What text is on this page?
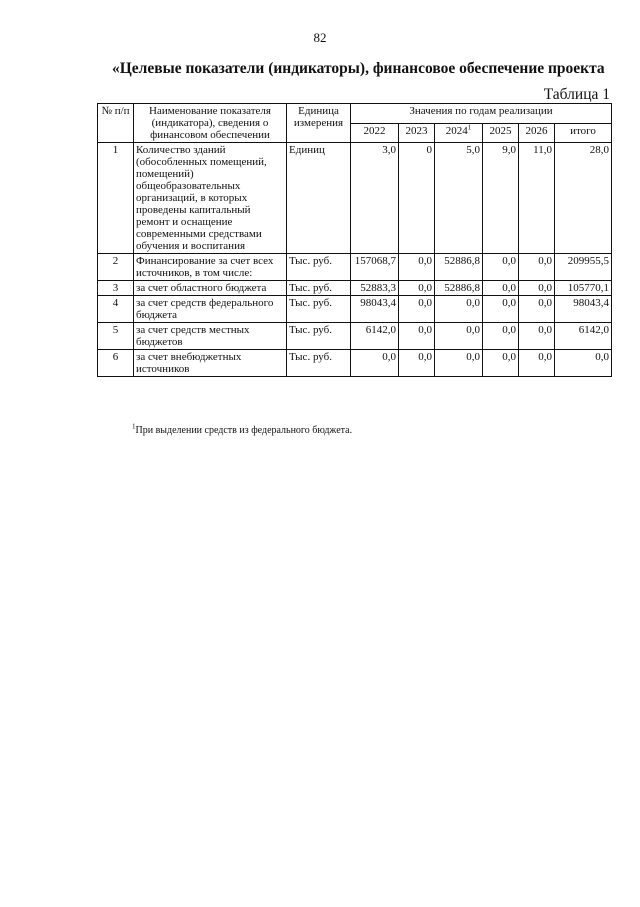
82
«Целевые показатели (индикаторы), финансовое обеспечение проекта
Таблица 1
№ п/п	Наименование показателя (индикатора), сведения о финансовом обеспечении	Единица измерения	Значения по годам реализации					
			2022	2023	2024$^1$	2025	2026	итого
1	Количество зданий (обособленных помещений, помещений) общеобразовательных организаций, в которых проведены капитальный ремонт и оснащение современными средствами обучения и воспитания	Единиц	3,0	0	5,0	9,0	11,0	28,0
2	Финансирование за счет всех источников, в том числе:	Тыс. руб.	157068,7	0,0	52886,8	0,0	0,0	209955,5
3	за счет областного бюджета	Тыс. руб.	52883,3	0,0	52886,8	0,0	0,0	105770,1
4	за счет средств федерального бюджета	Тыс. руб.	98043,4	0,0	0,0	0,0	0,0	98043,4
5	за счет средств местных бюджетов	Тыс. руб.	6142,0	0,0	0,0	0,0	0,0	6142,0
6	за счет внебюджетных источников	Тыс. руб.	0,0	0,0	0,0	0,0	0,0	0,0
$^1$При выделении средств из федерального бюджета.
